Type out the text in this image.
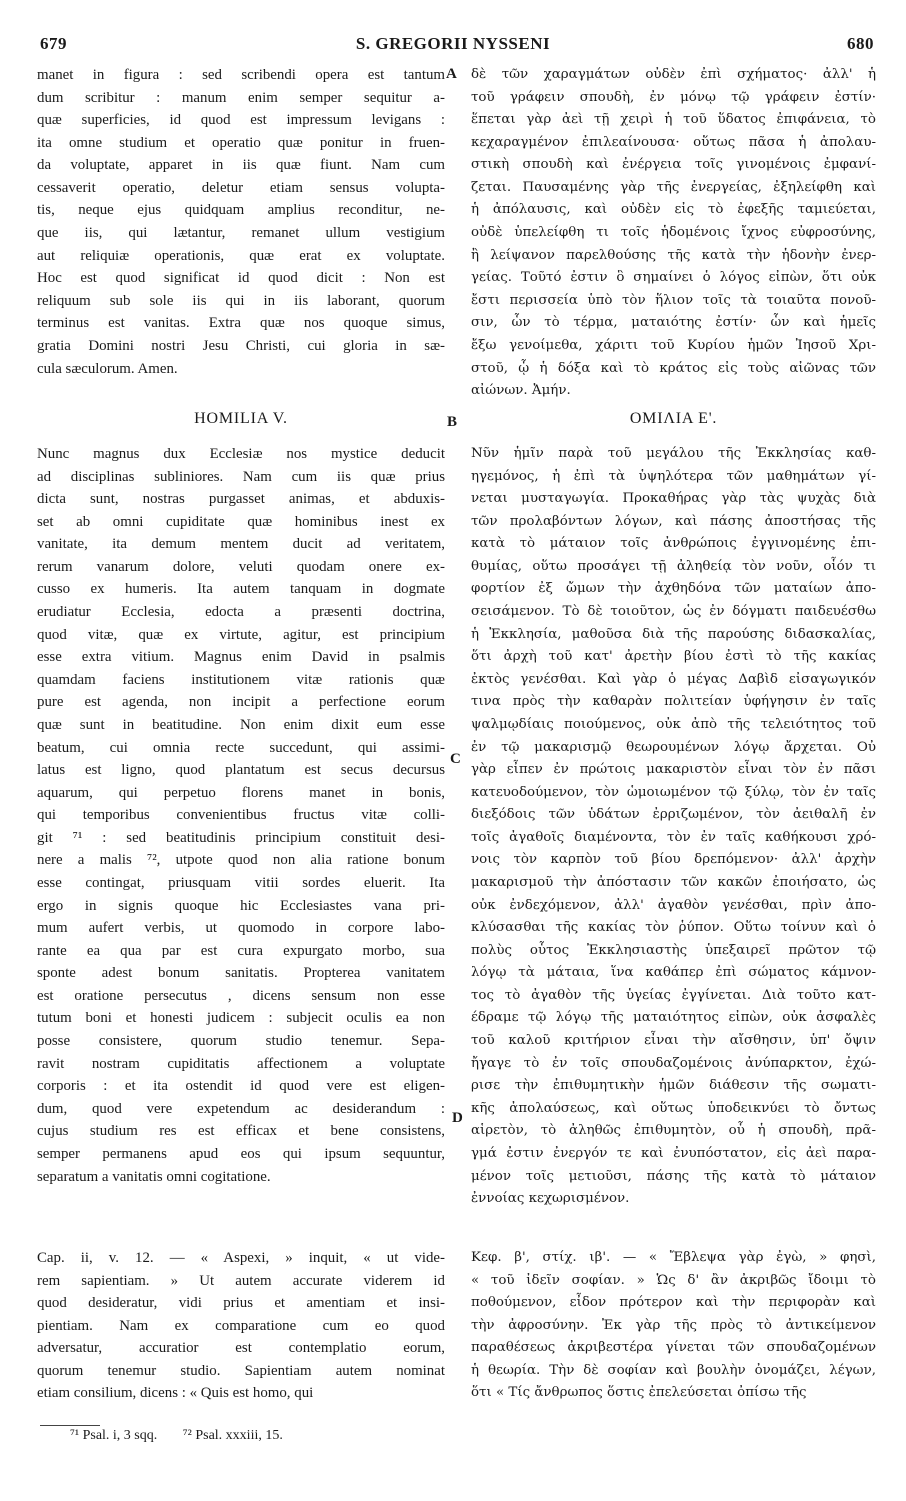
679	S. GREGORII NYSSENI	680
A
B
C
D
manet in figura : sed scribendi opera est tantum
dum scribitur : manum enim semper sequitur a-
quæ superficies, id quod est impressum levigans :
ita omne studium et operatio quæ ponitur in fruen-
da voluptate, apparet in iis quæ fiunt. Nam cum
cessaverit operatio, deletur etiam sensus volupta-
tis, neque ejus quidquam amplius reconditur, ne-
que iis, qui lætantur, remanet ullum vestigium
aut reliquiæ operationis, quæ erat ex voluptate.
Hoc est quod significat id quod dicit : Non est
reliquum sub sole iis qui in iis laborant, quorum
terminus est vanitas. Extra quæ nos quoque simus,
gratia Domini nostri Jesu Christi, cui gloria in sæ-
cula sæculorum. Amen.
HOMILIA V.
Nunc magnus dux Ecclesiæ nos mystice deducit
ad disciplinas subliniores. Nam cum iis quæ prius
dicta sunt, nostras purgasset animas, et abduxis-
set ab omni cupiditate quæ hominibus inest ex
vanitate, ita demum mentem ducit ad veritatem,
rerum vanarum dolore, veluti quodam onere ex-
cusso ex humeris. Ita autem tanquam in dogmate
erudiatur Ecclesia, edocta a præsenti doctrina,
quod vitæ, quæ ex virtute, agitur, est principium
esse extra vitium. Magnus enim David in psalmis
quamdam faciens institutionem vitæ rationis quæ
pure est agenda, non incipit a perfectione eorum
quæ sunt in beatitudine. Non enim dixit eum esse
beatum, cui omnia recte succedunt, qui assimi-
latus est ligno, quod plantatum est secus decursus
aquarum, qui perpetuo florens manet in bonis,
qui temporibus convenientibus fructus vitæ colli-
git ⁷¹ : sed beatitudinis principium constituit desi-
nere a malis ⁷², utpote quod non alia ratione bonum
esse contingat, priusquam vitii sordes eluerit. Ita
ergo in signis quoque hic Ecclesiastes vana pri-
mum aufert verbis, ut quomodo in corpore labo-
rante ea qua par est cura expurgato morbo, sua
sponte adest bonum sanitatis. Propterea vanitatem
est oratione persecutus , dicens sensum non esse
tutum boni et honesti judicem : subjecit oculis ea non
posse consistere, quorum studio tenemur. Sepa-
ravit nostram cupiditatis affectionem a voluptate
corporis : et ita ostendit id quod vere est eligen-
dum, quod vere expetendum ac desiderandum :
cujus studium res est efficax et bene consistens,
semper permanens apud eos qui ipsum sequuntur,
separatum a vanitatis omni cogitatione.
Cap. ii, v. 12. — « Aspexi, » inquit, « ut vide-
rem sapientiam. » Ut autem accurate viderem id
quod desideratur, vidi prius et amentiam et insi-
pientiam. Nam ex comparatione cum eo quod
adversatur, accuratior est contemplatio eorum,
quorum tenemur studio. Sapientiam autem nominat
etiam consilium, dicens : « Quis est homo, qui
δὲ τῶν χαραγμάτων οὐδὲν ἐπὶ σχήματος· ἀλλ' ἡ
τοῦ γράφειν σπουδὴ, ἐν μόνῳ τῷ γράφειν ἐστίν·
ἕπεται γὰρ ἀεὶ τῇ χειρὶ ἡ τοῦ ὕδατος ἐπιφάνεια, τὸ
κεχαραγμένον ἐπιλεαίνουσα· οὕτως πᾶσα ἡ ἀπολαυ-
στικὴ σπουδὴ καὶ ἐνέργεια τοῖς γινομένοις ἐμφανί-
ζεται. Παυσαμένης γὰρ τῆς ἐνεργείας, ἐξηλείφθη καὶ
ἡ ἀπόλαυσις, καὶ οὐδὲν εἰς τὸ ἐφεξῆς ταμιεύεται,
οὐδὲ ὑπελείφθη τι τοῖς ἡδομένοις ἴχνος εὐφροσύνης,
ἢ λείψανον παρελθούσης τῆς κατὰ τὴν ἡδονὴν ἐνερ-
γείας. Τοῦτό ἐστιν ὃ σημαίνει ὁ λόγος εἰπὼν, ὅτι οὐκ
ἔστι περισσεία ὑπὸ τὸν ἥλιον τοῖς τὰ τοιαῦτα πονοῦ-
σιν, ὧν τὸ τέρμα, ματαιότης ἐστίν· ὧν καὶ ἡμεῖς
ἔξω γενοίμεθα, χάριτι τοῦ Κυρίου ἡμῶν Ἰησοῦ Χρι-
στοῦ, ᾧ ἡ δόξα καὶ τὸ κράτος εἰς τοὺς αἰῶνας τῶν
αἰώνων. Ἀμήν.
ΟΜΙΛΙΑ Ε'.
Νῦν ἡμῖν παρὰ τοῦ μεγάλου τῆς Ἐκκλησίας καθ-
ηγεμόνος, ἡ ἐπὶ τὰ ὑψηλότερα τῶν μαθημάτων γί-
νεται μυσταγωγία. Προκαθήρας γὰρ τὰς ψυχὰς διὰ
τῶν προλαβόντων λόγων, καὶ πάσης ἀποστήσας τῆς
κατὰ τὸ μάταιον τοῖς ἀνθρώποις ἐγγινομένης ἐπι-
θυμίας, οὕτω προσάγει τῇ ἀληθείᾳ τὸν νοῦν, οἷόν τι
φορτίον ἐξ ὤμων τὴν ἀχθηδόνα τῶν ματαίων ἀπο-
σεισάμενον. Τὸ δὲ τοιοῦτον, ὡς ἐν δόγματι παιδευέσθω
ἡ Ἐκκλησία, μαθοῦσα διὰ τῆς παρούσης διδασκαλίας,
ὅτι ἀρχὴ τοῦ κατ' ἀρετὴν βίου ἐστὶ τὸ τῆς κακίας
ἐκτὸς γενέσθαι. Καὶ γὰρ ὁ μέγας Δαβὶδ εἰσαγωγικόν
τινα πρὸς τὴν καθαρὰν πολιτείαν ὑφήγησιν ἐν ταῖς
ψαλμῳδίαις ποιούμενος, οὐκ ἀπὸ τῆς τελειότητος τοῦ
ἐν τῷ μακαρισμῷ θεωρουμένων λόγῳ ἄρχεται. Οὐ
γὰρ εἶπεν ἐν πρώτοις μακαριστὸν εἶναι τὸν ἐν πᾶσι
κατευοδούμενον, τὸν ὡμοιωμένον τῷ ξύλῳ, τὸν ἐν ταῖς
διεξόδοις τῶν ὑδάτων ἐρριζωμένον, τὸν ἀειθαλῆ ἐν
τοῖς ἀγαθοῖς διαμένοντα, τὸν ἐν ταῖς καθήκουσι χρό-
νοις τὸν καρπὸν τοῦ βίου δρεπόμενον· ἀλλ' ἀρχὴν
μακαρισμοῦ τὴν ἀπόστασιν τῶν κακῶν ἐποιήσατο, ὡς
οὐκ ἐνδεχόμενον, ἀλλ' ἀγαθὸν γενέσθαι, πρὶν ἀπο-
κλύσασθαι τῆς κακίας τὸν ῥύπον. Οὕτω τοίνυν καὶ ὁ
πολὺς οὗτος Ἐκκλησιαστὴς ὑπεξαιρεῖ πρῶτον τῷ
λόγῳ τὰ μάταια, ἵνα καθάπερ ἐπὶ σώματος κάμνον-
τος τὸ ἀγαθὸν τῆς ὑγείας ἐγγίνεται. Διὰ τοῦτο κατ-
έδραμε τῷ λόγῳ τῆς ματαιότητος εἰπὼν, οὐκ ἀσφαλὲς
τοῦ καλοῦ κριτήριον εἶναι τὴν αἴσθησιν, ὑπ' ὄψιν
ἤγαγε τὸ ἐν τοῖς σπουδαζομένοις ἀνύπαρκτον, ἐχώ-
ρισε τὴν ἐπιθυμητικὴν ἡμῶν διάθεσιν τῆς σωματι-
κῆς ἀπολαύσεως, καὶ οὕτως ὑποδεικνύει τὸ ὄντως
αἱρετὸν, τὸ ἀληθῶς ἐπιθυμητὸν, οὗ ἡ σπουδὴ, πρᾶ-
γμά ἐστιν ἐνεργόν τε καὶ ἐνυπόστατον, εἰς ἀεὶ παρα-
μένον τοῖς μετιοῦσι, πάσης τῆς κατὰ τὸ μάταιον
ἐννοίας κεχωρισμένον.
Κεφ. β', στίχ. ιβ'. — « Ἔβλεψα γὰρ ἐγὼ, » φησὶ,
« τοῦ ἰδεῖν σοφίαν. » Ὡς δ' ἂν ἀκριβῶς ἴδοιμι τὸ
ποθούμενον, εἶδον πρότερον καὶ τὴν περιφορὰν καὶ
τὴν ἀφροσύνην. Ἐκ γὰρ τῆς πρὸς τὸ ἀντικείμενον
παραθέσεως ἀκριβεστέρα γίνεται τῶν σπουδαζομένων
ἡ θεωρία. Τὴν δὲ σοφίαν καὶ βουλὴν ὀνομάζει, λέγων,
ὅτι « Τίς ἄνθρωπος ὅστις ἐπελεύσεται ὀπίσω τῆς
⁷¹ Psal. i, 3 sqq. ⁷² Psal. xxxiii, 15.
